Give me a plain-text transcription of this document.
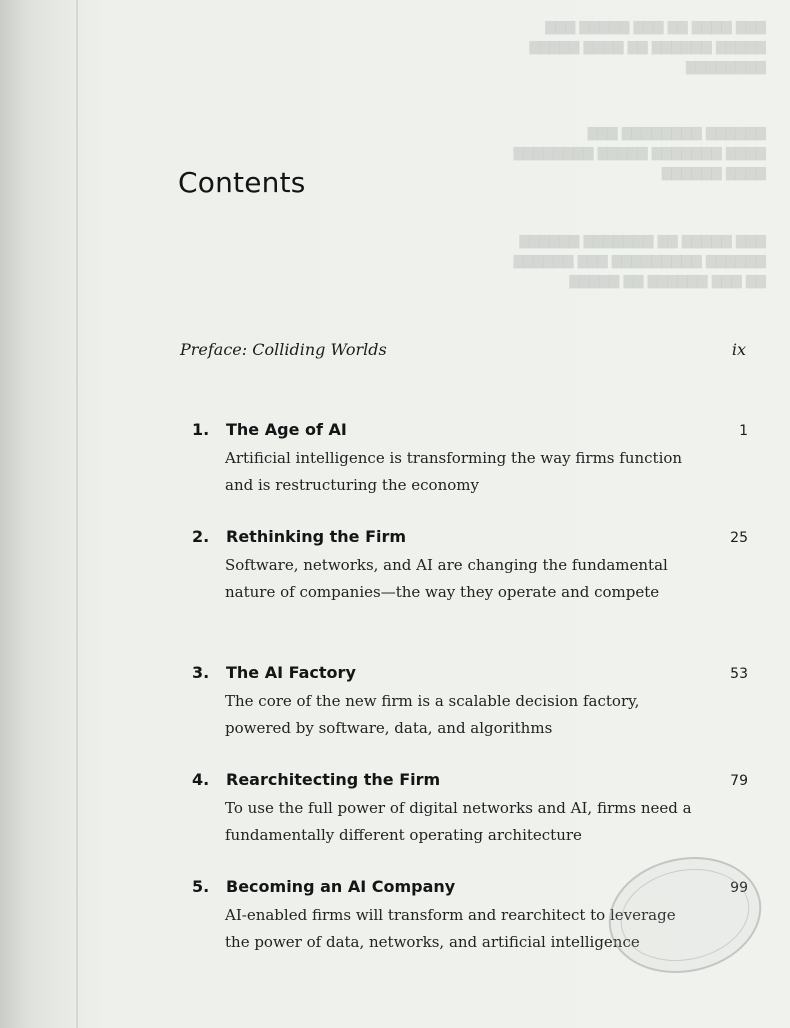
▇▇▇ ▇▇▇▇ ▇▇ ▇▇▇ ▇▇▇▇▇ ▇▇▇
▇▇▇▇▇ ▇▇▇▇▇▇ ▇▇ ▇▇▇▇ ▇▇▇▇▇
▇▇▇▇▇▇▇▇
▇▇▇▇▇▇ ▇▇▇▇▇▇▇▇ ▇▇▇
▇▇▇▇ ▇▇▇▇▇▇▇ ▇▇▇▇▇ ▇▇▇▇▇▇▇▇
▇▇▇▇ ▇▇▇▇▇▇
▇▇▇ ▇▇▇▇▇ ▇▇ ▇▇▇▇▇▇▇ ▇▇▇▇▇▇
▇▇▇▇▇▇ ▇▇▇▇▇▇▇▇▇ ▇▇▇ ▇▇▇▇▇▇
▇▇ ▇▇▇ ▇▇▇▇▇▇ ▇▇ ▇▇▇▇▇
Contents
Preface: Colliding Worlds	ix
1.	The Age of AI	1
Artificial intelligence is transforming the way firms function and is restructuring the economy
2.	Rethinking the Firm	25
Software, networks, and AI are changing the fundamental nature of companies—the way they operate and compete
3.	The AI Factory	53
The core of the new firm is a scalable decision factory, powered by software, data, and algorithms
4.	Rearchitecting the Firm	79
To use the full power of digital networks and AI, firms need a fundamentally different operating architecture
5.	Becoming an AI Company	99
AI-enabled firms will transform and rearchitect to leverage the power of data, networks, and artificial intelligence
